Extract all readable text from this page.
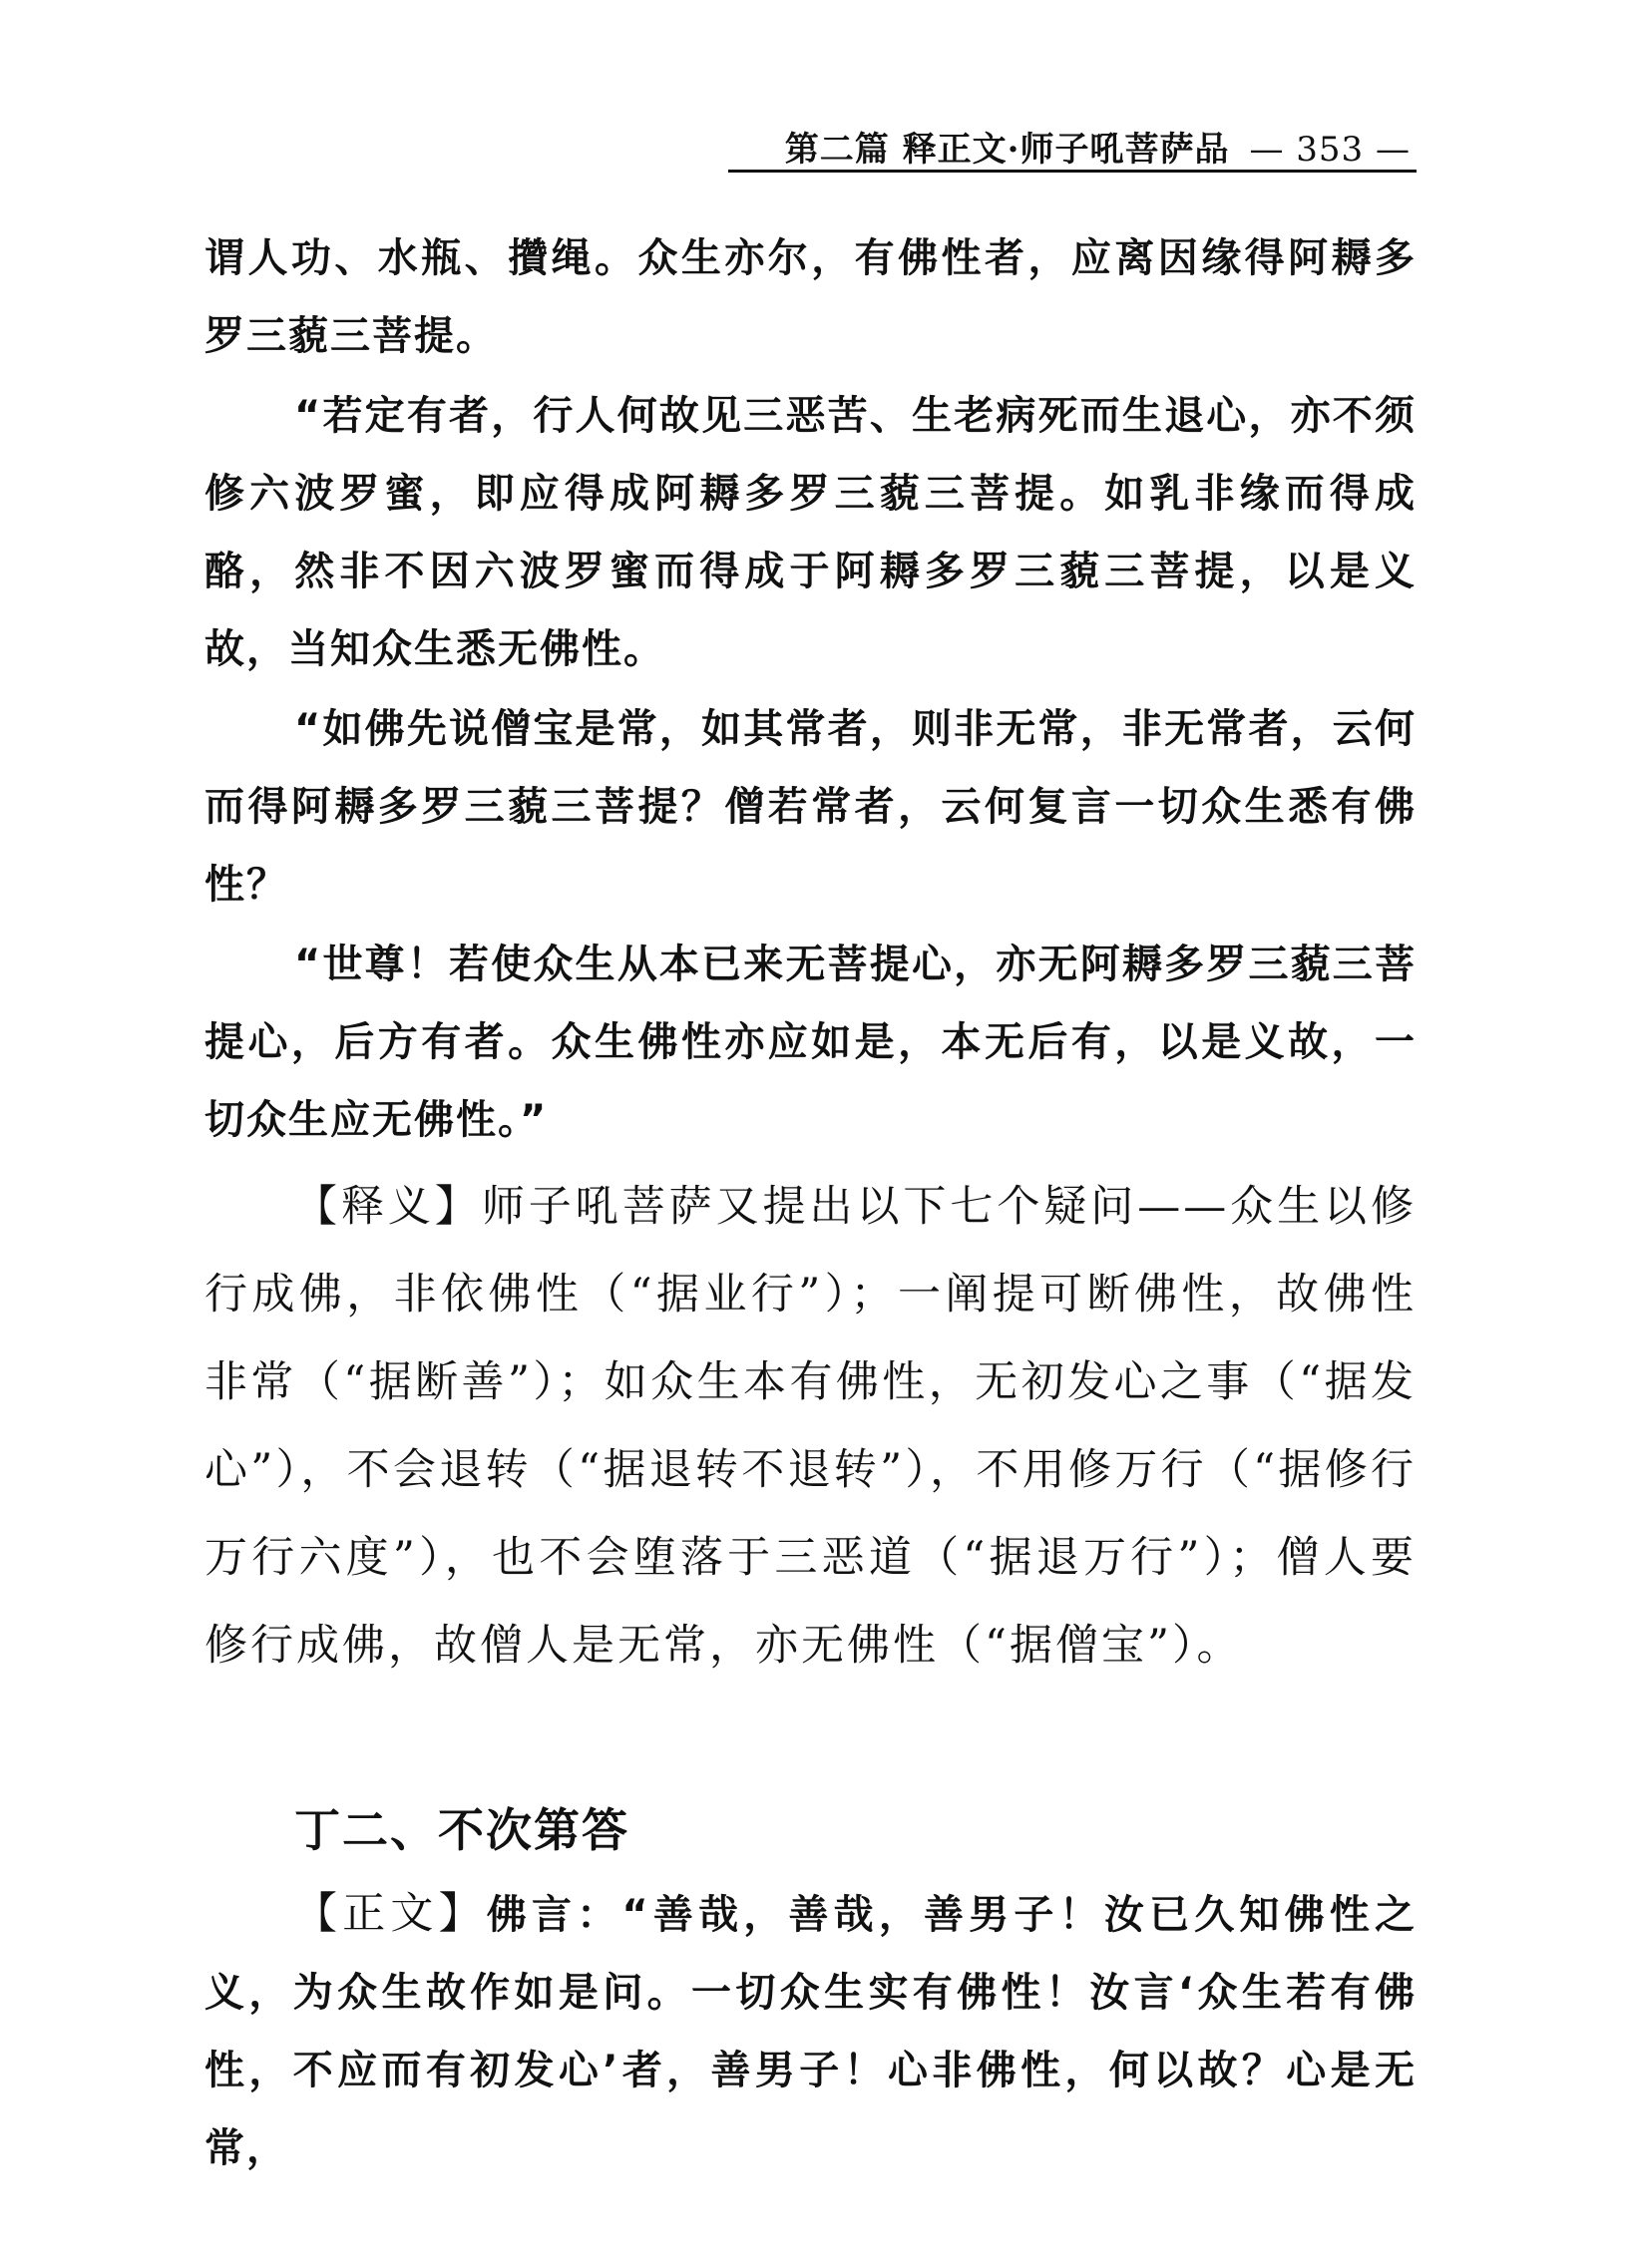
第二篇 释正文·师子吼菩萨品 — 353 —

谓人功、水瓶、攢绳。众生亦尔，有佛性者，应离因缘得阿耨多罗三藐三菩提。

“若定有者，行人何故见三恶苦、生老病死而生退心，亦不须修六波罗蜜，即应得成阿耨多罗三藐三菩提。如乳非缘而得成酪，然非不因六波罗蜜而得成于阿耨多罗三藐三菩提，以是义故，当知众生悉无佛性。

“如佛先说僧宝是常，如其常者，则非无常，非无常者，云何而得阿耨多罗三藐三菩提？僧若常者，云何复言一切众生悉有佛性？

“世尊！若使众生从本已来无菩提心，亦无阿耨多罗三藐三菩提心，后方有者。众生佛性亦应如是，本无后有，以是义故，一切众生应无佛性。”

【释义】师子吼菩萨又提出以下七个疑问——众生以修行成佛，非依佛性（“据业行”）；一阐提可断佛性，故佛性非常（“据断善”）；如众生本有佛性，无初发心之事（“据发心”），不会退转（“据退转不退转”），不用修万行（“据修行万行六度”），也不会堕落于三恶道（“据退万行”）；僧人要修行成佛，故僧人是无常，亦无佛性（“据僧宝”）。

丁二、不次第答

【正文】佛言：“善哉，善哉，善男子！汝已久知佛性之义，为众生故作如是问。一切众生实有佛性！汝言‘众生若有佛性，不应而有初发心’者，善男子！心非佛性，何以故？心是无常，
